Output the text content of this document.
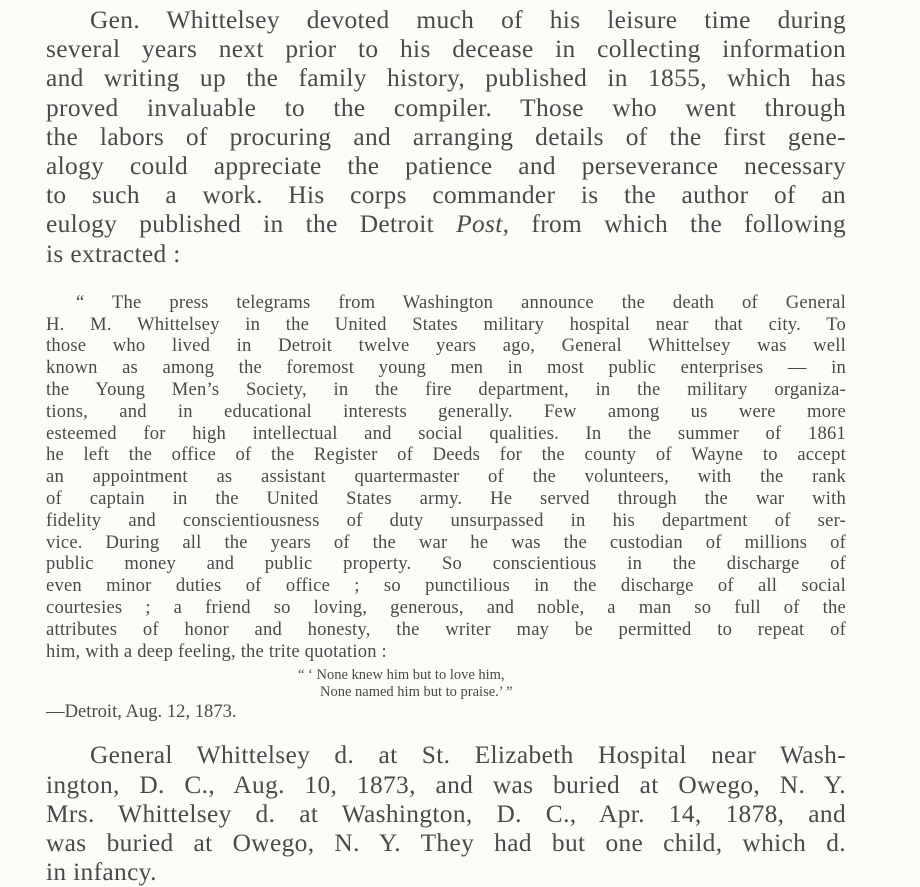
Gen. Whittelsey devoted much of his leisure time during
several years next prior to his decease in collecting information
and writing up the family history, published in 1855, which has
proved invaluable to the compiler. Those who went through
the labors of procuring and arranging details of the first gene-
alogy could appreciate the patience and perseverance necessary
to such a work. His corps commander is the author of an
eulogy published in the Detroit Post, from which the following
is extracted :
“ The press telegrams from Washington announce the death of General
H. M. Whittelsey in the United States military hospital near that city. To
those who lived in Detroit twelve years ago, General Whittelsey was well
known as among the foremost young men in most public enterprises — in
the Young Men’s Society, in the fire department, in the military organiza-
tions, and in educational interests generally. Few among us were more
esteemed for high intellectual and social qualities. In the summer of 1861
he left the office of the Register of Deeds for the county of Wayne to accept
an appointment as assistant quartermaster of the volunteers, with the rank
of captain in the United States army. He served through the war with
fidelity and conscientiousness of duty unsurpassed in his department of ser-
vice. During all the years of the war he was the custodian of millions of
public money and public property. So conscientious in the discharge of
even minor duties of office ; so punctilious in the discharge of all social
courtesies ; a friend so loving, generous, and noble, a man so full of the
attributes of honor and honesty, the writer may be permitted to repeat of
him, with a deep feeling, the trite quotation :
“ ‘ None knew him but to love him,
None named him but to praise.’ ”
—Detroit, Aug. 12, 1873.
General Whittelsey d. at St. Elizabeth Hospital near Wash-
ington, D. C., Aug. 10, 1873, and was buried at Owego, N. Y.
Mrs. Whittelsey d. at Washington, D. C., Apr. 14, 1878, and
was buried at Owego, N. Y. They had but one child, which d.
in infancy.
